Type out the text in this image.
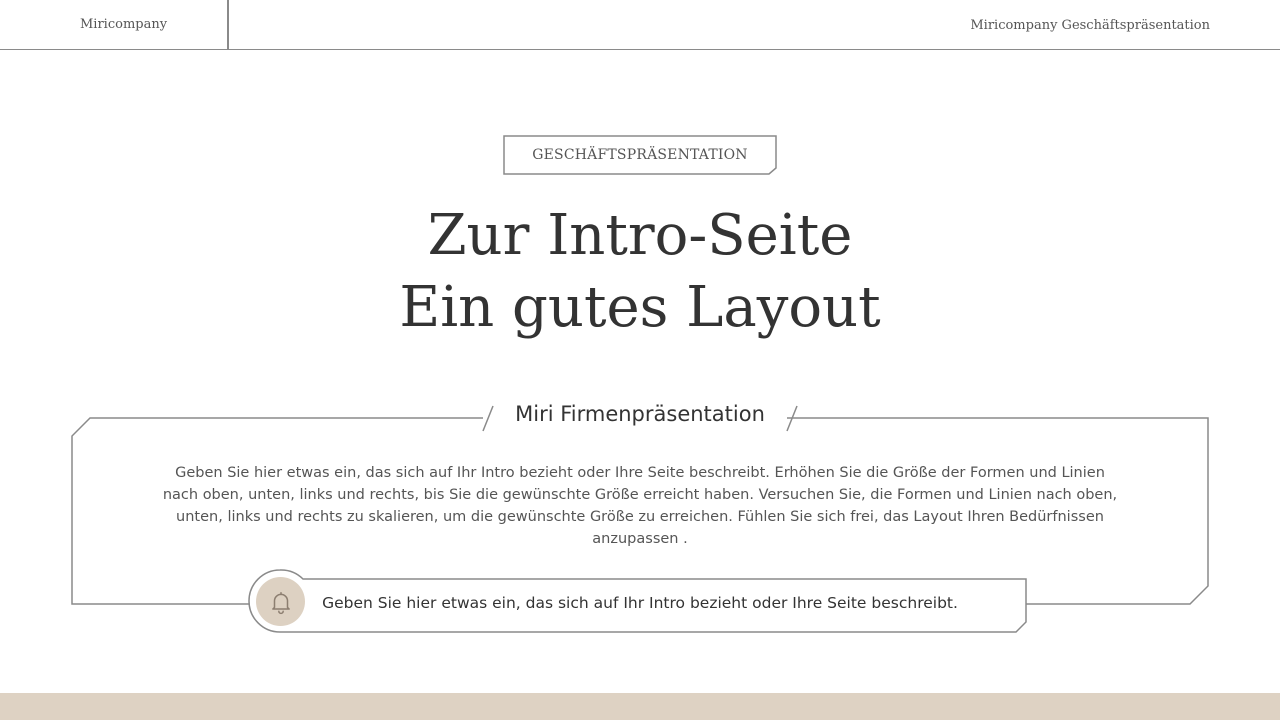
Miricompany	Miricompany Geschäftspräsentation
GESCHÄFTSPRÄSENTATION
Zur Intro-Seite
Ein gutes Layout
Miri Firmenpräsentation
Geben Sie hier etwas ein, das sich auf Ihr Intro bezieht oder Ihre Seite beschreibt. Erhöhen Sie die Größe der Formen und Linien nach oben, unten, links und rechts, bis Sie die gewünschte Größe erreicht haben. Versuchen Sie, die Formen und Linien nach oben, unten, links und rechts zu skalieren, um die gewünschte Größe zu erreichen. Fühlen Sie sich frei, das Layout Ihren Bedürfnissen anzupassen .
Geben Sie hier etwas ein, das sich auf Ihr Intro bezieht oder Ihre Seite beschreibt.
